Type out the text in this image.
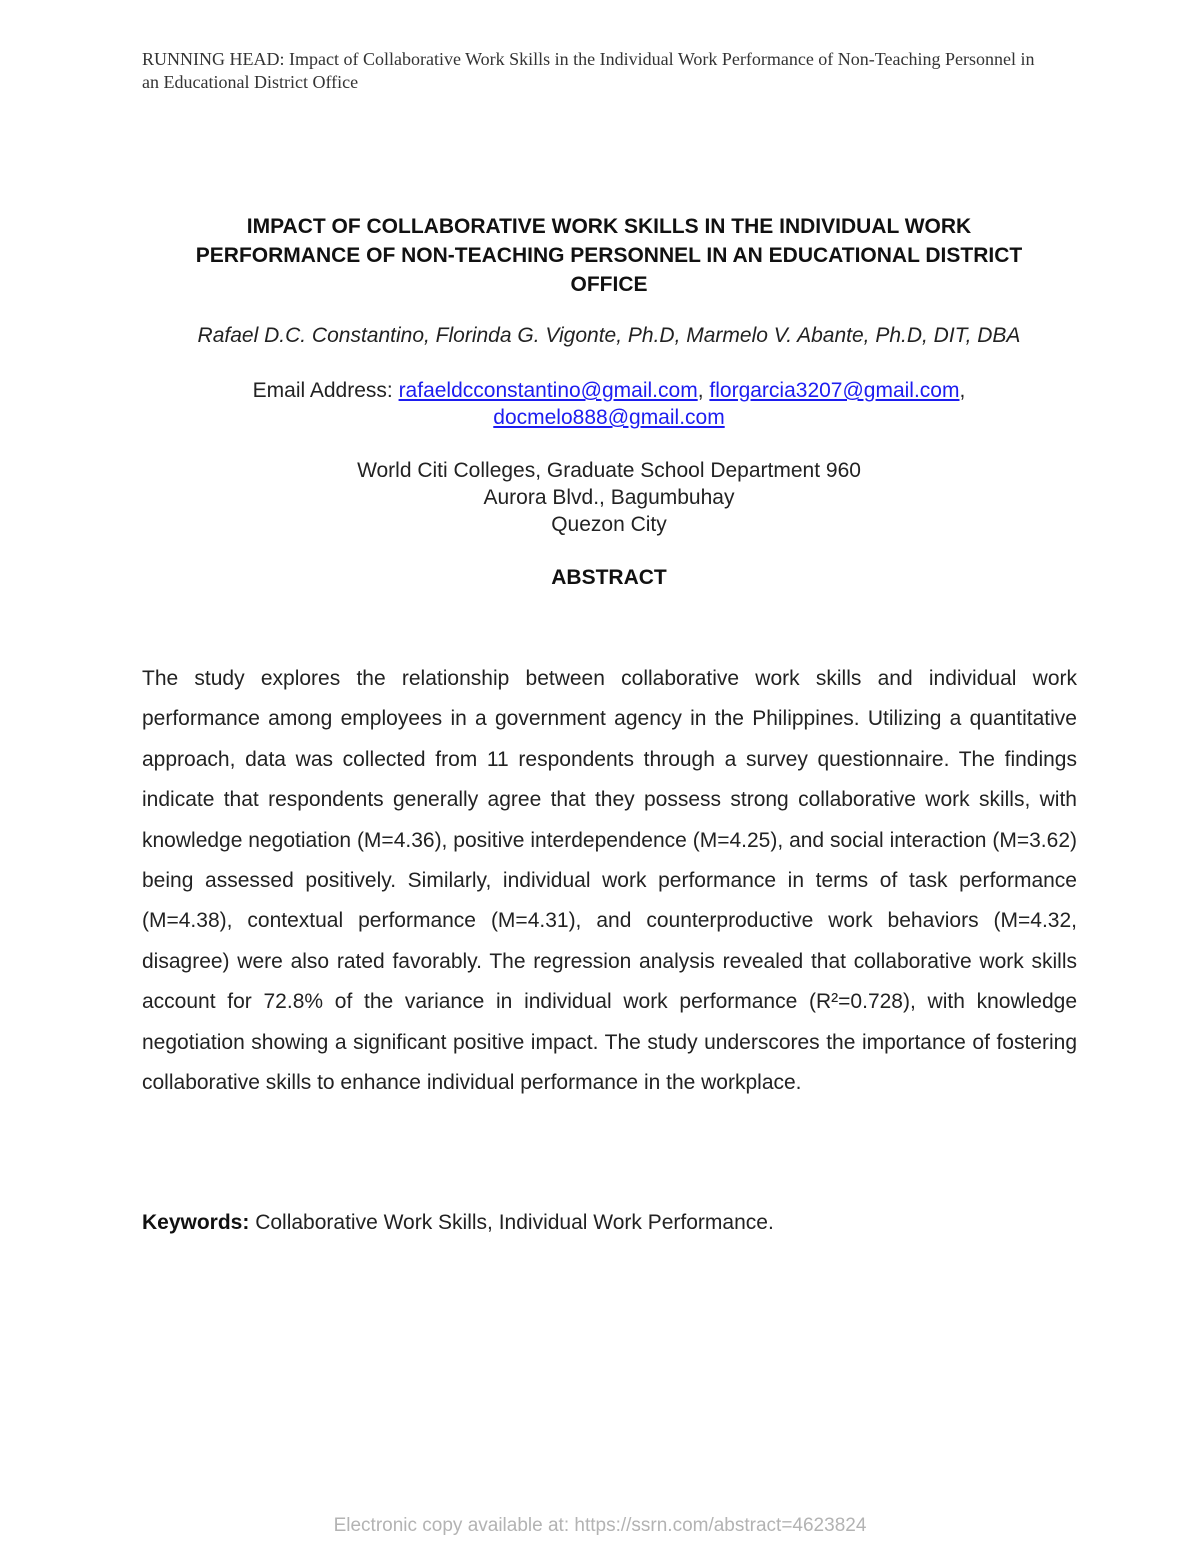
RUNNING HEAD: Impact of Collaborative Work Skills in the Individual Work Performance of Non-Teaching Personnel in an Educational District Office
IMPACT OF COLLABORATIVE WORK SKILLS IN THE INDIVIDUAL WORK
PERFORMANCE OF NON-TEACHING PERSONNEL IN AN EDUCATIONAL DISTRICT
OFFICE
Rafael D.C. Constantino, Florinda G. Vigonte, Ph.D, Marmelo V. Abante, Ph.D, DIT, DBA
Email Address: rafaeldcconstantino@gmail.com, florgarcia3207@gmail.com,
docmelo888@gmail.com
World Citi Colleges, Graduate School Department 960
Aurora Blvd., Bagumbuhay
Quezon City
ABSTRACT

The study explores the relationship between collaborative work skills and individual work performance among employees in a government agency in the Philippines. Utilizing a quantitative approach, data was collected from 11 respondents through a survey questionnaire. The findings indicate that respondents generally agree that they possess strong collaborative work skills, with knowledge negotiation (M=4.36), positive interdependence (M=4.25), and social interaction (M=3.62) being assessed positively. Similarly, individual work performance in terms of task performance (M=4.38), contextual performance (M=4.31), and counterproductive work behaviors (M=4.32, disagree) were also rated favorably. The regression analysis revealed that collaborative work skills account for 72.8% of the variance in individual work performance (R²=0.728), with knowledge negotiation showing a significant positive impact. The study underscores the importance of fostering collaborative skills to enhance individual performance in the workplace.

Keywords: Collaborative Work Skills, Individual Work Performance.
Electronic copy available at: https://ssrn.com/abstract=4623824
